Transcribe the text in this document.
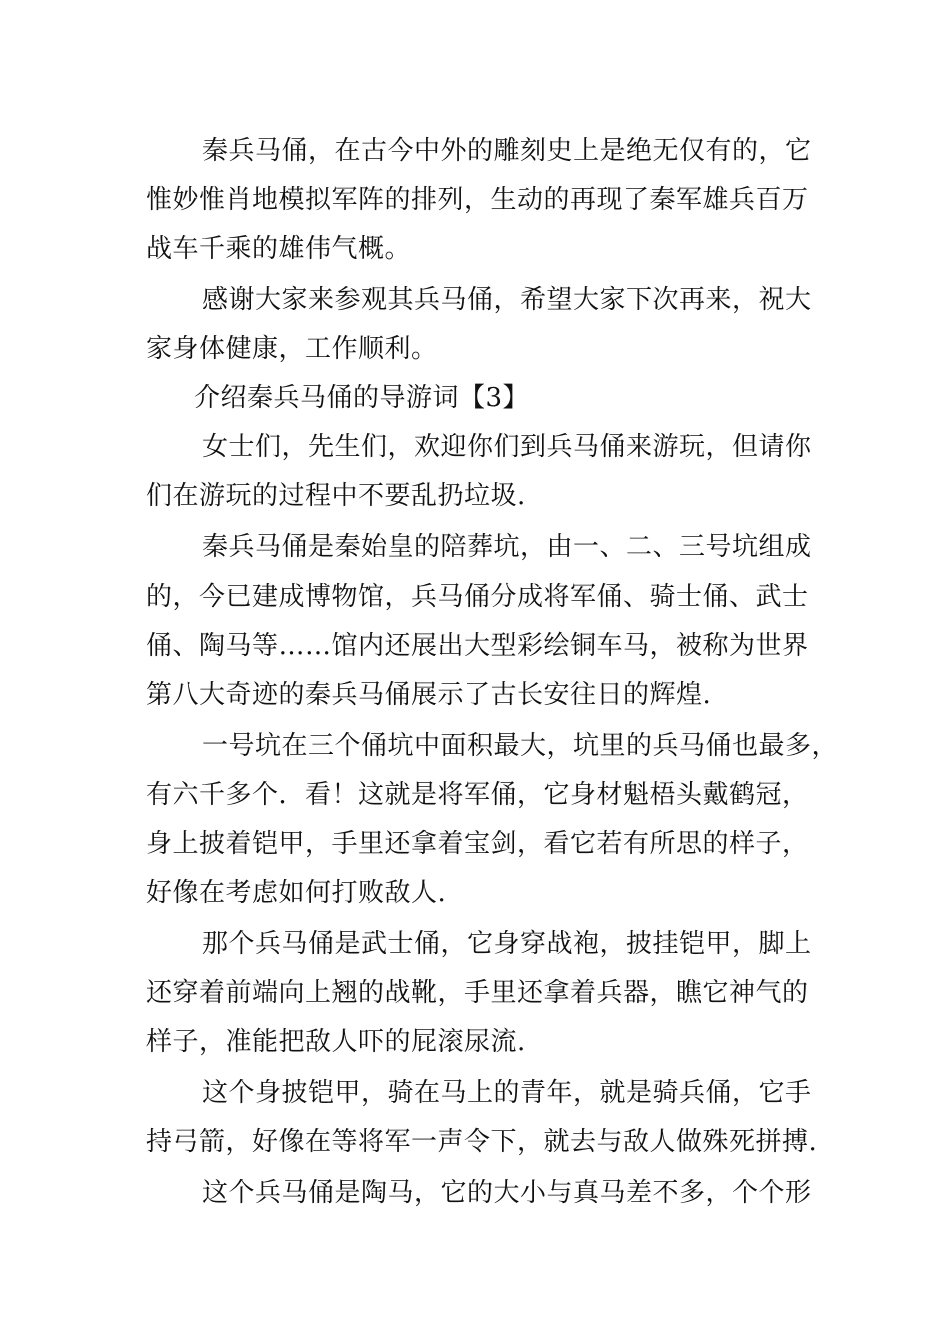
秦兵马俑，在古今中外的雕刻史上是绝无仅有的，它
惟妙惟肖地模拟军阵的排列，生动的再现了秦军雄兵百万
战车千乘的雄伟气概。
感谢大家来参观其兵马俑，希望大家下次再来，祝大
家身体健康，工作顺利。
介绍秦兵马俑的导游词【3】
女士们，先生们，欢迎你们到兵马俑来游玩，但请你
们在游玩的过程中不要乱扔垃圾.
秦兵马俑是秦始皇的陪葬坑，由一、二、三号坑组成
的，今已建成博物馆，兵马俑分成将军俑、骑士俑、武士
俑、陶马等……馆内还展出大型彩绘铜车马，被称为世界
第八大奇迹的秦兵马俑展示了古长安往日的辉煌.
一号坑在三个俑坑中面积最大，坑里的兵马俑也最多，
有六千多个．看！这就是将军俑，它身材魁梧头戴鹤冠，
身上披着铠甲，手里还拿着宝剑，看它若有所思的样子，
好像在考虑如何打败敌人.
那个兵马俑是武士俑，它身穿战袍，披挂铠甲，脚上
还穿着前端向上翘的战靴，手里还拿着兵器，瞧它神气的
样子，准能把敌人吓的屁滚尿流.
这个身披铠甲，骑在马上的青年，就是骑兵俑，它手
持弓箭，好像在等将军一声令下，就去与敌人做殊死拼搏.
这个兵马俑是陶马，它的大小与真马差不多，个个形
